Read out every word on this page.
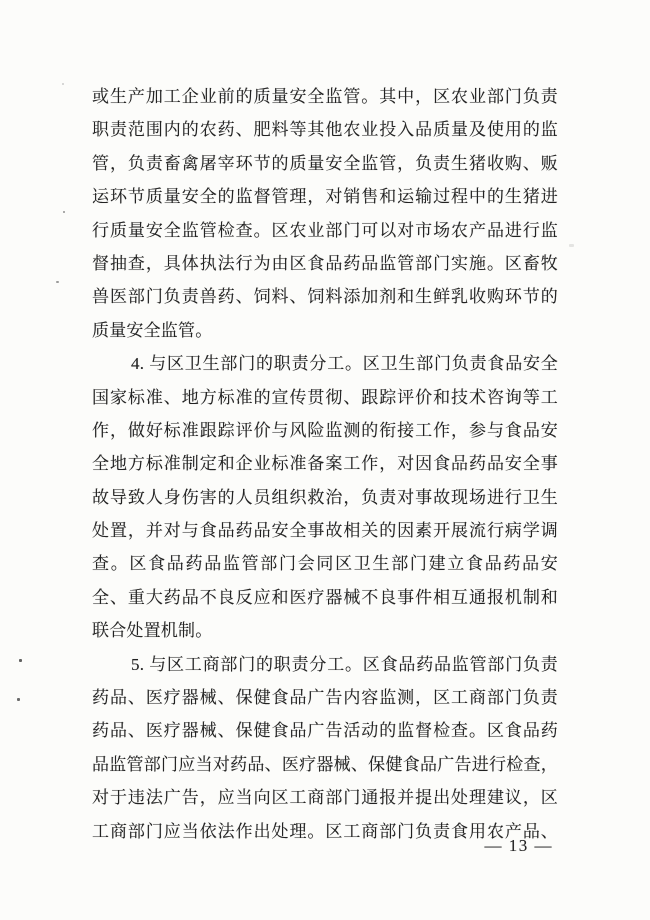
或生产加工企业前的质量安全监管。其中，区农业部门负责
职责范围内的农药、肥料等其他农业投入品质量及使用的监
管，负责畜禽屠宰环节的质量安全监管，负责生猪收购、贩
运环节质量安全的监督管理，对销售和运输过程中的生猪进
行质量安全监管检查。区农业部门可以对市场农产品进行监
督抽查，具体执法行为由区食品药品监管部门实施。区畜牧
兽医部门负责兽药、饲料、饲料添加剂和生鲜乳收购环节的
质量安全监管。
4. 与区卫生部门的职责分工。区卫生部门负责食品安全
国家标准、地方标准的宣传贯彻、跟踪评价和技术咨询等工
作，做好标准跟踪评价与风险监测的衔接工作，参与食品安
全地方标准制定和企业标准备案工作，对因食品药品安全事
故导致人身伤害的人员组织救治，负责对事故现场进行卫生
处置，并对与食品药品安全事故相关的因素开展流行病学调
查。区食品药品监管部门会同区卫生部门建立食品药品安
全、重大药品不良反应和医疗器械不良事件相互通报机制和
联合处置机制。
5. 与区工商部门的职责分工。区食品药品监管部门负责
药品、医疗器械、保健食品广告内容监测，区工商部门负责
药品、医疗器械、保健食品广告活动的监督检查。区食品药
品监管部门应当对药品、医疗器械、保健食品广告进行检查，
对于违法广告，应当向区工商部门通报并提出处理建议，区
工商部门应当依法作出处理。区工商部门负责食用农产品、
— 13 —
